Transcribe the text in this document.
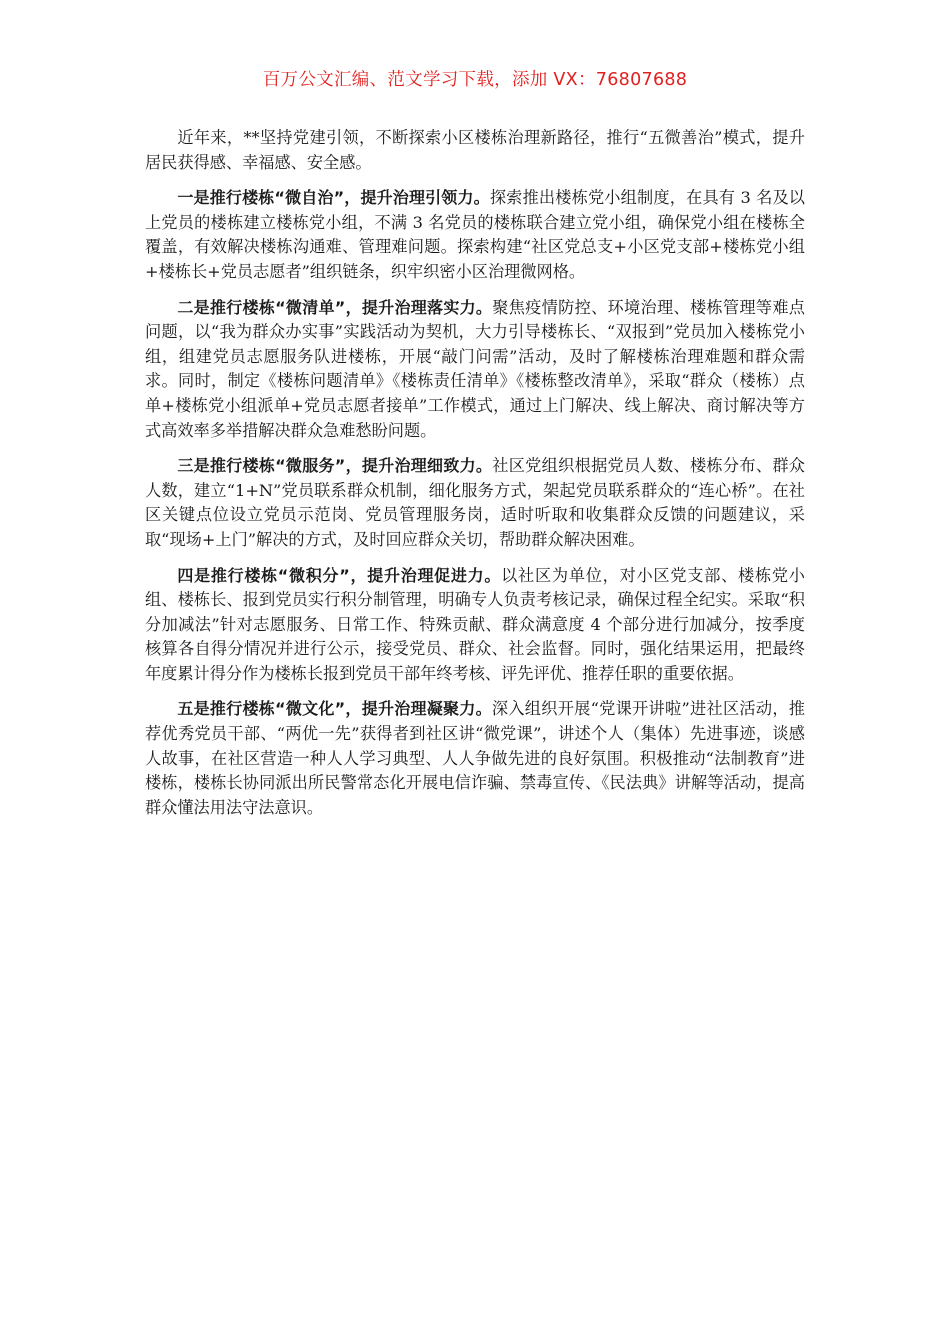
百万公文汇编、范文学习下载，添加 VX：76807688

近年来，**坚持党建引领，不断探索小区楼栋治理新路径，推行“五微善治”模式，提升居民获得感、幸福感、安全感。

一是推行楼栋“微自治”，提升治理引领力。探索推出楼栋党小组制度，在具有 3 名及以上党员的楼栋建立楼栋党小组，不满 3 名党员的楼栋联合建立党小组，确保党小组在楼栋全覆盖，有效解决楼栋沟通难、管理难问题。探索构建“社区党总支+小区党支部+楼栋党小组+楼栋长+党员志愿者”组织链条，织牢织密小区治理微网格。

二是推行楼栋“微清单”，提升治理落实力。聚焦疫情防控、环境治理、楼栋管理等难点问题，以“我为群众办实事”实践活动为契机，大力引导楼栋长、“双报到”党员加入楼栋党小组，组建党员志愿服务队进楼栋，开展“敲门问需”活动，及时了解楼栋治理难题和群众需求。同时，制定《楼栋问题清单》《楼栋责任清单》《楼栋整改清单》，采取“群众（楼栋）点单+楼栋党小组派单+党员志愿者接单”工作模式，通过上门解决、线上解决、商讨解决等方式高效率多举措解决群众急难愁盼问题。

三是推行楼栋“微服务”，提升治理细致力。社区党组织根据党员人数、楼栋分布、群众人数，建立“1+N”党员联系群众机制，细化服务方式，架起党员联系群众的“连心桥”。在社区关键点位设立党员示范岗、党员管理服务岗，适时听取和收集群众反馈的问题建议，采取“现场+上门”解决的方式，及时回应群众关切，帮助群众解决困难。

四是推行楼栋“微积分”，提升治理促进力。以社区为单位，对小区党支部、楼栋党小组、楼栋长、报到党员实行积分制管理，明确专人负责考核记录，确保过程全纪实。采取“积分加减法”针对志愿服务、日常工作、特殊贡献、群众满意度 4 个部分进行加减分，按季度核算各自得分情况并进行公示，接受党员、群众、社会监督。同时，强化结果运用，把最终年度累计得分作为楼栋长报到党员干部年终考核、评先评优、推荐任职的重要依据。

五是推行楼栋“微文化”，提升治理凝聚力。深入组织开展“党课开讲啦”进社区活动，推荐优秀党员干部、“两优一先”获得者到社区讲“微党课”，讲述个人（集体）先进事迹，谈感人故事，在社区营造一种人人学习典型、人人争做先进的良好氛围。积极推动“法制教育”进楼栋，楼栋长协同派出所民警常态化开展电信诈骗、禁毒宣传、《民法典》讲解等活动，提高群众懂法用法守法意识。
